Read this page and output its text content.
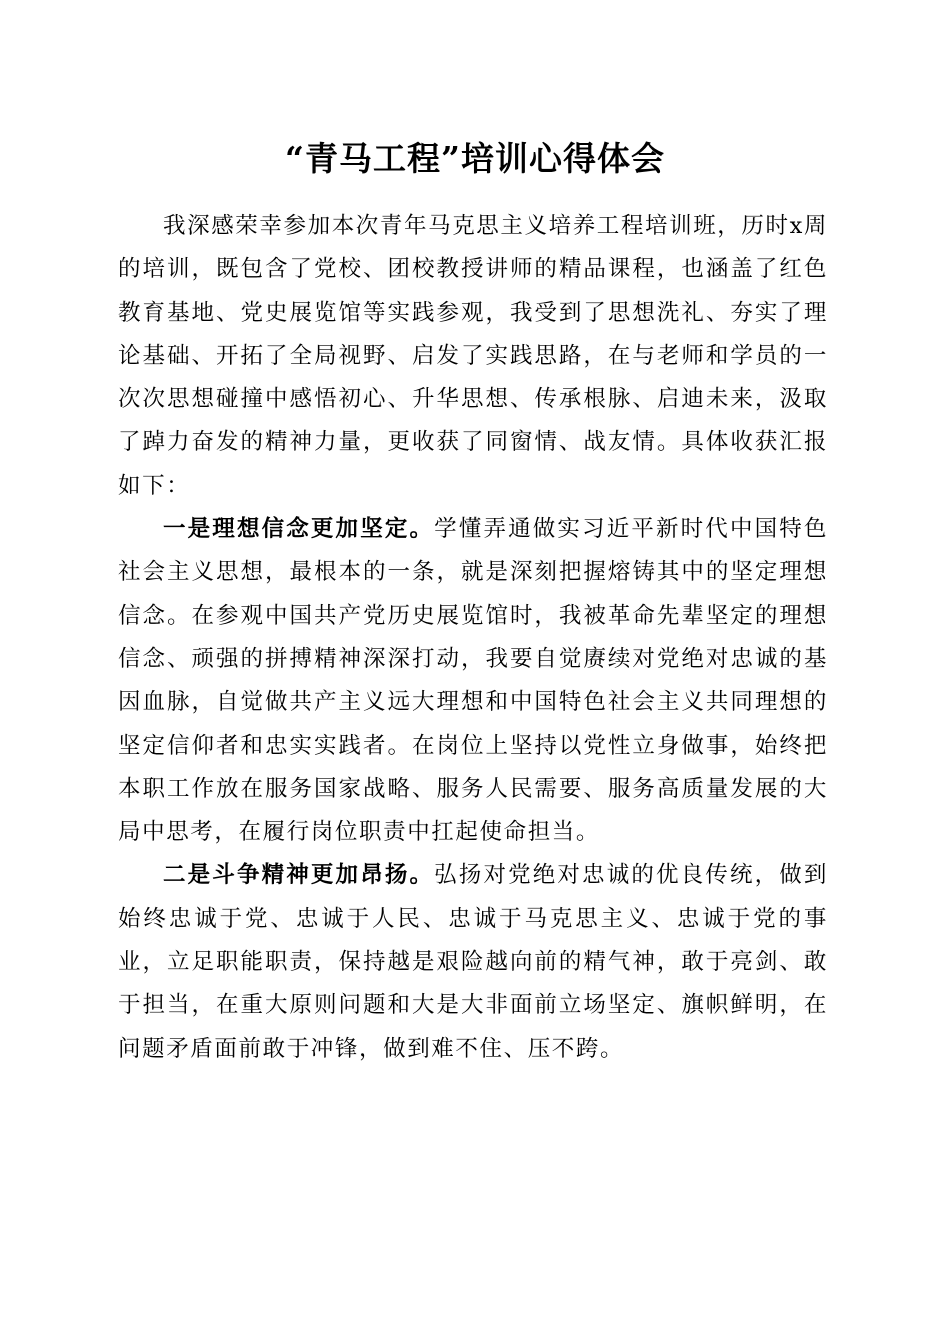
“青马工程”培训心得体会

我深感荣幸参加本次青年马克思主义培养工程培训班，历时x周的培训，既包含了党校、团校教授讲师的精品课程，也涵盖了红色教育基地、党史展览馆等实践参观，我受到了思想洗礼、夯实了理论基础、开拓了全局视野、启发了实践思路，在与老师和学员的一次次思想碰撞中感悟初心、升华思想、传承根脉、启迪未来，汲取了踔力奋发的精神力量，更收获了同窗情、战友情。具体收获汇报如下：

一是理想信念更加坚定。学懂弄通做实习近平新时代中国特色社会主义思想，最根本的一条，就是深刻把握熔铸其中的坚定理想信念。在参观中国共产党历史展览馆时，我被革命先辈坚定的理想信念、顽强的拼搏精神深深打动，我要自觉赓续对党绝对忠诚的基因血脉，自觉做共产主义远大理想和中国特色社会主义共同理想的坚定信仰者和忠实实践者。在岗位上坚持以党性立身做事，始终把本职工作放在服务国家战略、服务人民需要、服务高质量发展的大局中思考，在履行岗位职责中扛起使命担当。

二是斗争精神更加昂扬。弘扬对党绝对忠诚的优良传统，做到始终忠诚于党、忠诚于人民、忠诚于马克思主义、忠诚于党的事业，立足职能职责，保持越是艰险越向前的精气神，敢于亮剑、敢于担当，在重大原则问题和大是大非面前立场坚定、旗帜鲜明，在问题矛盾面前敢于冲锋，做到难不住、压不跨。
